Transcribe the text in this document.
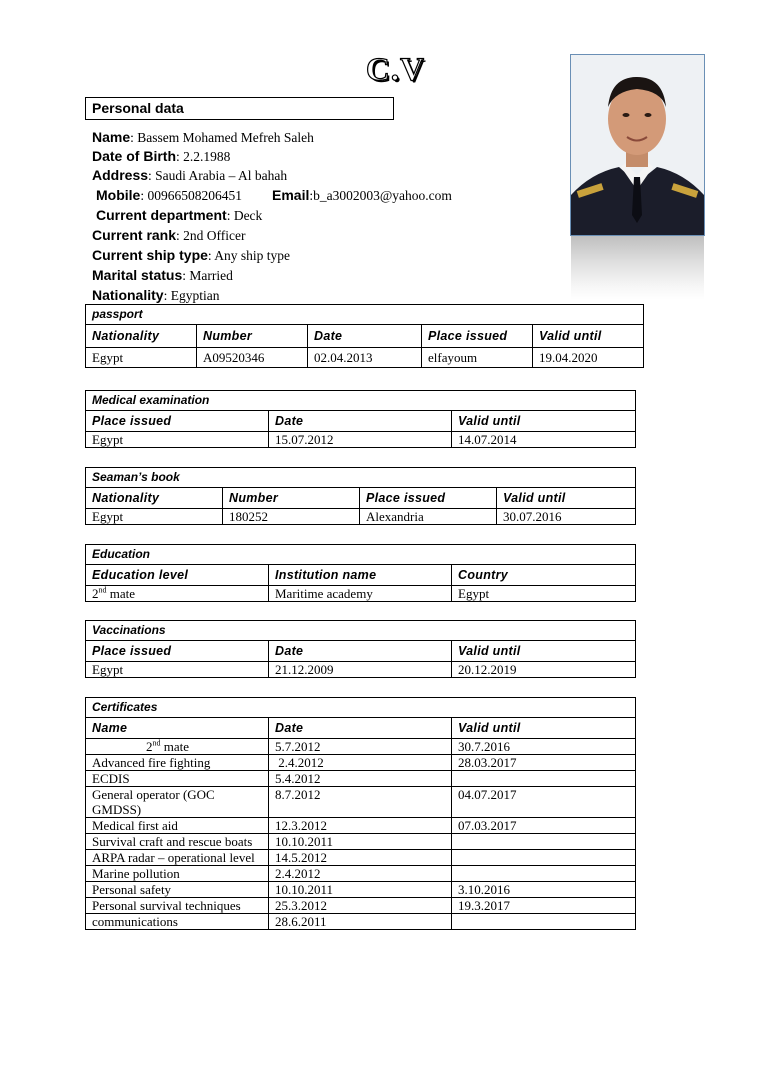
C.V
Personal data
Name: Bassem Mohamed Mefreh Saleh
Date of Birth: 2.2.1988
Address: Saudi Arabia – Al bahah
Mobile: 00966508206451 Email:b_a3002003@yahoo.com
Current department: Deck
Current rank: 2nd Officer
Current ship type: Any ship type
Marital status: Married
Nationality: Egyptian
passport				
Nationality	Number	Date	Place issued	Valid until
Egypt	A09520346	02.04.2013	elfayoum	19.04.2020
Medical examination		
Place issued	Date	Valid until
Egypt	15.07.2012	14.07.2014
Seaman’s book			
Nationality	Number	Place issued	Valid until
Egypt	180252	Alexandria	30.07.2016
Education		
Education level	Institution name	Country
2nd mate	Maritime academy	Egypt
Vaccinations		
Place issued	Date	Valid until
Egypt	21.12.2009	20.12.2019
Certificates		
Name	Date	Valid until
2nd mate	5.7.2012	30.7.2016
Advanced fire fighting	2.4.2012	28.03.2017
ECDIS	5.4.2012	
General operator (GOC GMDSS)	8.7.2012	04.07.2017
Medical first aid	12.3.2012	07.03.2017
Survival craft and rescue boats	10.10.2011	
ARPA radar – operational level	14.5.2012	
Marine pollution	2.4.2012	
Personal safety	10.10.2011	3.10.2016
Personal survival techniques	25.3.2012	19.3.2017
communications	28.6.2011	
